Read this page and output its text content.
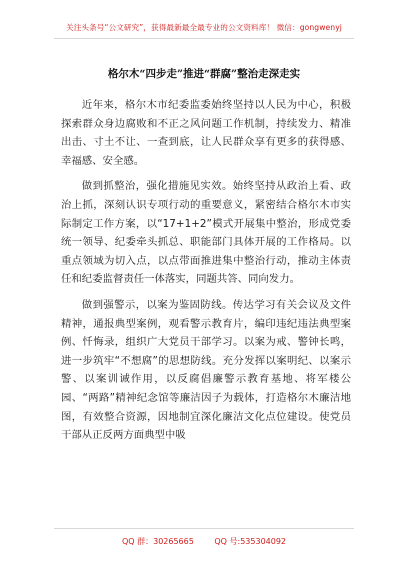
关注头条号“公文研究”，获得最新最全最专业的公文资料库！ 微信：gongwenyj
格尔木“四步走”推进“群腐”整治走深走实

近年来，格尔木市纪委监委始终坚持以人民为中心，积极探索群众身边腐败和不正之风问题工作机制，持续发力、精准出击、寸土不让、一查到底，让人民群众享有更多的获得感、幸福感、安全感。

做到抓整治，强化措施见实效。始终坚持从政治上看、政治上抓，深刻认识专项行动的重要意义，紧密结合格尔木市实际制定工作方案，以“17+1+2”模式开展集中整治，形成党委统一领导、纪委牵头抓总、职能部门具体开展的工作格局。以重点领域为切入点，以点带面推进集中整治行动，推动主体责任和纪委监督责任一体落实，同题共答、同向发力。

做到强警示，以案为鉴固防线。传达学习有关会议及文件精神，通报典型案例，观看警示教育片，编印违纪违法典型案例、忏悔录，组织广大党员干部学习。以案为戒、警钟长鸣，进一步筑牢“不想腐”的思想防线。充分发挥以案明纪、以案示警、以案训诫作用，以反腐倡廉警示教育基地、将军楼公园、“两路”精神纪念馆等廉洁因子为载体，打造格尔木廉洁地图，有效整合资源，因地制宜深化廉洁文化点位建设。使党员干部从正反两方面典型中吸

QQ 群：30265665	QQ 号:535304092
